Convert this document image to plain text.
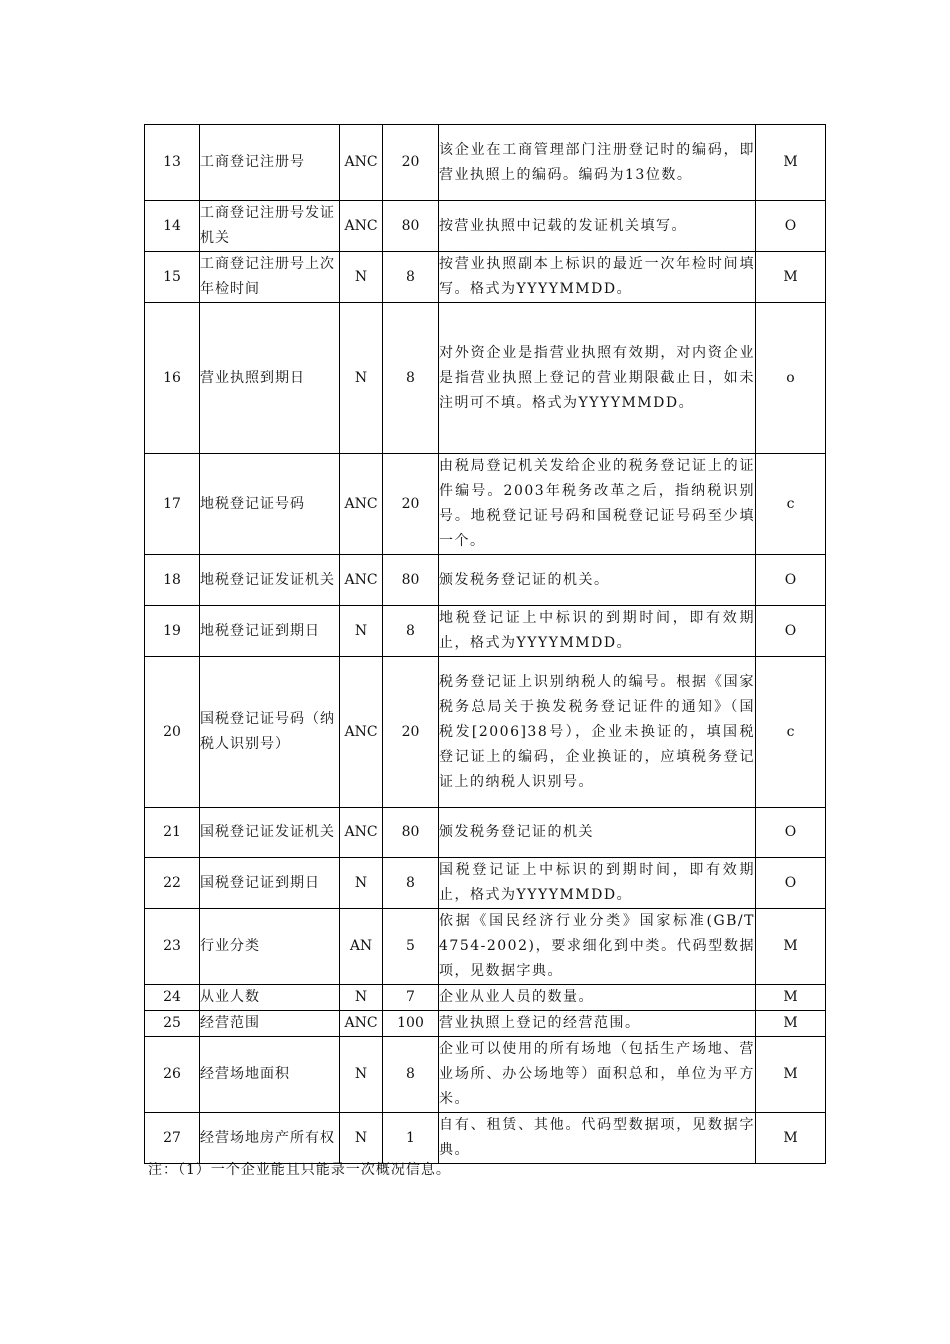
13	工商登记注册号	ANC	20	该企业在工商管理部门注册登记时的编码，即营业执照上的编码。编码为13位数。	M
14	工商登记注册号发证机关	ANC	80	按营业执照中记载的发证机关填写。	O
15	工商登记注册号上次年检时间	N	8	按营业执照副本上标识的最近一次年检时间填写。格式为YYYYMMDD。	M
16	营业执照到期日	N	8	对外资企业是指营业执照有效期，对内资企业是指营业执照上登记的营业期限截止日，如未注明可不填。格式为YYYYMMDD。	o
17	地税登记证号码	ANC	20	由税局登记机关发给企业的税务登记证上的证件编号。2003年税务改革之后，指纳税识别号。地税登记证号码和国税登记证号码至少填一个。	c
18	地税登记证发证机关	ANC	80	颁发税务登记证的机关。	O
19	地税登记证到期日	N	8	地税登记证上中标识的到期时间，即有效期止，格式为YYYYMMDD。	O
20	国税登记证号码（纳税人识别号）	ANC	20	税务登记证上识别纳税人的编号。根据《国家税务总局关于换发税务登记证件的通知》（国税发[2006]38号），企业未换证的，填国税登记证上的编码，企业换证的，应填税务登记证上的纳税人识别号。	c
21	国税登记证发证机关	ANC	80	颁发税务登记证的机关	O
22	国税登记证到期日	N	8	国税登记证上中标识的到期时间，即有效期止，格式为YYYYMMDD。	O
23	行业分类	AN	5	依据《国民经济行业分类》国家标准(GB/T 4754-2002)，要求细化到中类。代码型数据项，见数据字典。	M
24	从业人数	N	7	企业从业人员的数量。	M
25	经营范围	ANC	100	营业执照上登记的经营范围。	M
26	经营场地面积	N	8	企业可以使用的所有场地（包括生产场地、营业场所、办公场地等）面积总和，单位为平方米。	M
27	经营场地房产所有权	N	1	自有、租赁、其他。代码型数据项，见数据字典。	M
注：（1）一个企业能且只能录一次概况信息。
